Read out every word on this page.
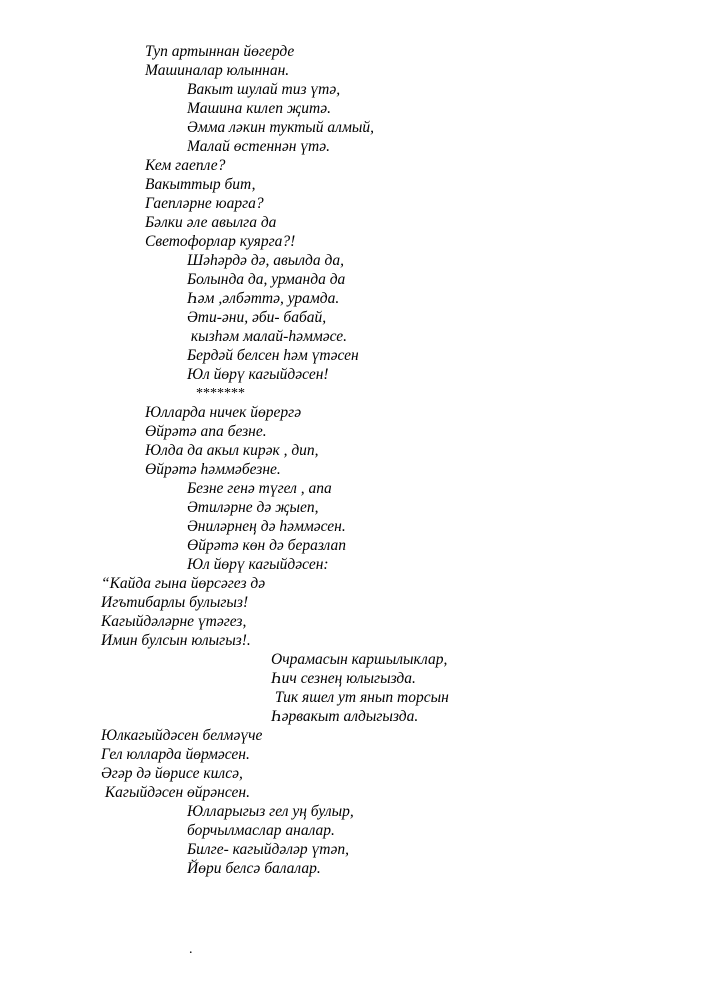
Туп артыннан йөгерде
Машиналар юлыннан.
Вакыт шулай тиз үтә,
Машина килеп җитә.
Әмма ләкин туктый алмый,
Малай өстеннән үтә.
Кем гаепле?
Вакыттыр бит,
Гаепләрне юарга?
Бәлки әле авылга да
Светофорлар куярга?!
Шәһәрдә дә, авылда да,
Болында да, урманда да
Һәм ,әлбәттә, урамда.
Әти-әни, әби- бабай,
кызһәм малай-һәммәсе.
Бердәй белсен һәм үтәсен
Юл йөрү кагыйдәсен!
*******
Юлларда ничек йөрергә
Өйрәтә апа безне.
Юлда да акыл кирәк , дип,
Өйрәтә һәммәбезне.
Безне генә түгел , апа
Әтиләрне дә җыеп,
Әниләрнең дә һәммәсен.
Өйрәтә көн дә беразлап
Юл йөрү кагыйдәсен:
“Кайда гына йөрсәгез дә
Игътибарлы булыгыз!
Кагыйдәләрне үтәгез,
Имин булсын юлыгыз!.
Очрамасын каршылыклар,
Һич сезнең юлыгызда.
Тик яшел ут янып торсын
Һәрвакыт алдыгызда.
Юлкагыйдәсен белмәүче
Гел юлларда йөрмәсен.
Әгәр дә йөрисе килсә,
Кагыйдәсен өйрәнсен.
Юлларыгыз гел уң булыр,
борчылмаслар аналар.
Билге- кагыйдәләр үтәп,
Йөри белсә балалар.
.
